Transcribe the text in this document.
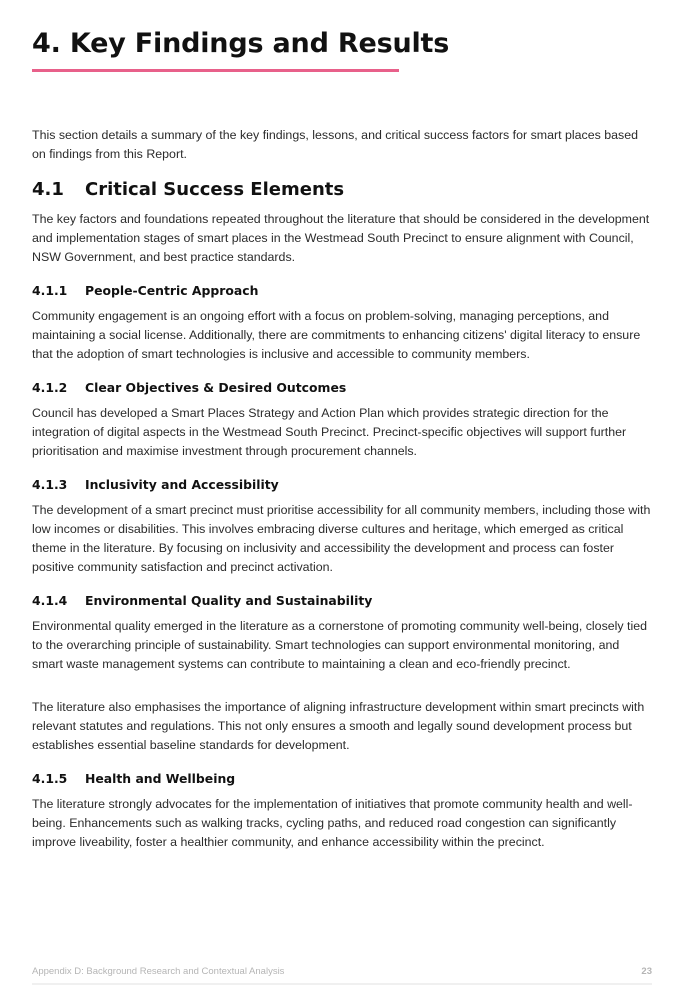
4. Key Findings and Results

This section details a summary of the key findings, lessons, and critical success factors for smart places based on findings from this Report.

4.1 Critical Success Elements

The key factors and foundations repeated throughout the literature that should be considered in the development and implementation stages of smart places in the Westmead South Precinct to ensure alignment with Council, NSW Government, and best practice standards.

4.1.1 People-Centric Approach

Community engagement is an ongoing effort with a focus on problem-solving, managing perceptions, and maintaining a social license. Additionally, there are commitments to enhancing citizens' digital literacy to ensure that the adoption of smart technologies is inclusive and accessible to community members.

4.1.2 Clear Objectives & Desired Outcomes

Council has developed a Smart Places Strategy and Action Plan which provides strategic direction for the integration of digital aspects in the Westmead South Precinct. Precinct-specific objectives will support further prioritisation and maximise investment through procurement channels.

4.1.3 Inclusivity and Accessibility

The development of a smart precinct must prioritise accessibility for all community members, including those with low incomes or disabilities. This involves embracing diverse cultures and heritage, which emerged as critical theme in the literature. By focusing on inclusivity and accessibility the development and process can foster positive community satisfaction and precinct activation.

4.1.4 Environmental Quality and Sustainability

Environmental quality emerged in the literature as a cornerstone of promoting community well-being, closely tied to the overarching principle of sustainability. Smart technologies can support environmental monitoring, and smart waste management systems can contribute to maintaining a clean and eco-friendly precinct.

The literature also emphasises the importance of aligning infrastructure development within smart precincts with relevant statutes and regulations. This not only ensures a smooth and legally sound development process but establishes essential baseline standards for development.

4.1.5 Health and Wellbeing

The literature strongly advocates for the implementation of initiatives that promote community health and well-being. Enhancements such as walking tracks, cycling paths, and reduced road congestion can significantly improve liveability, foster a healthier community, and enhance accessibility within the precinct.

Appendix D: Background Research and Contextual Analysis	23
